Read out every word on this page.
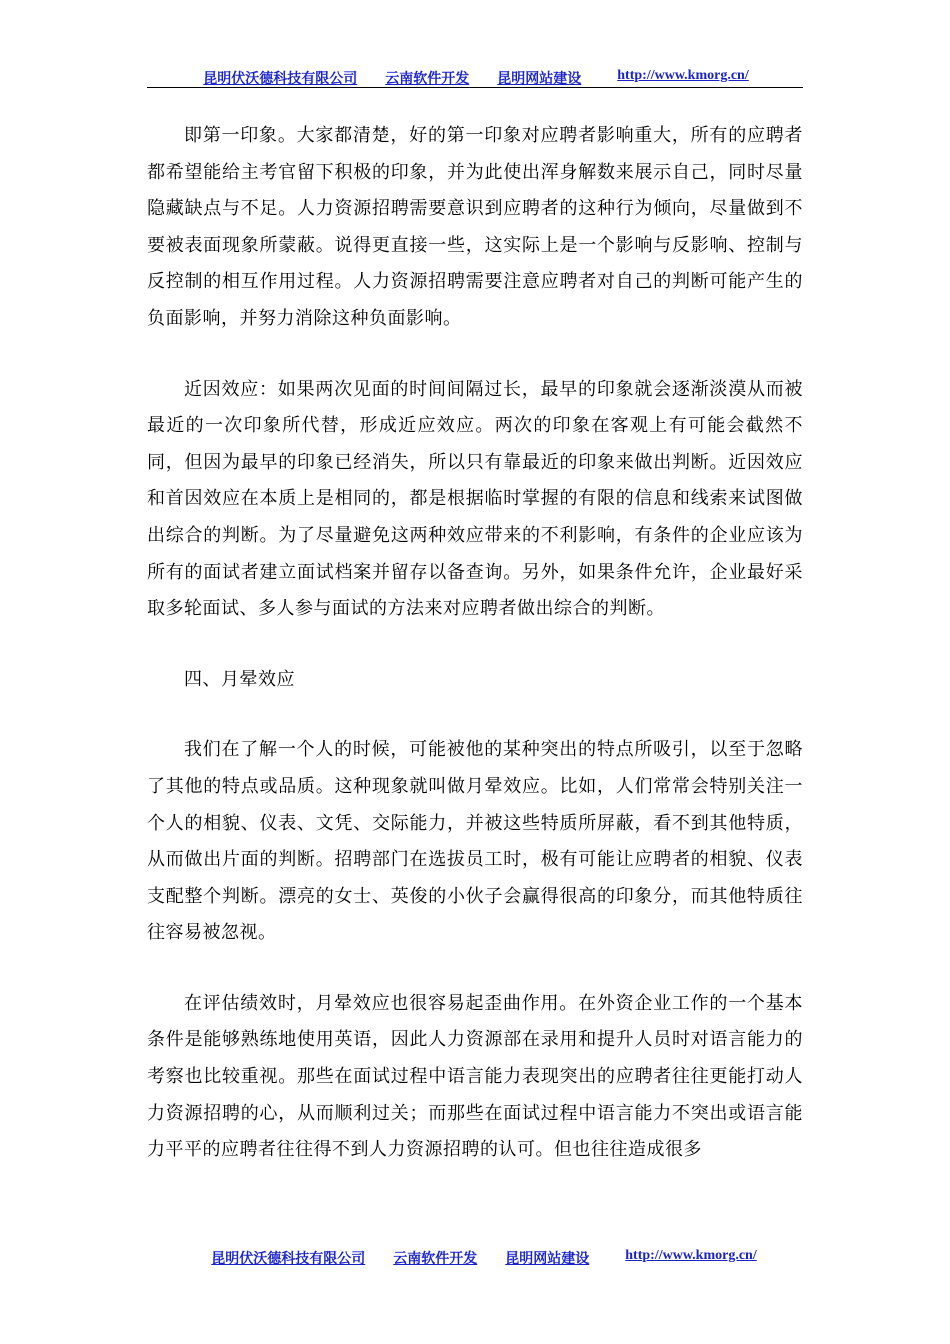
昆明伏沃德科技有限公司 云南软件开发 昆明网站建设	http://www.kmorg.cn/

即第一印象。大家都清楚，好的第一印象对应聘者影响重大，所有的应聘者都希望能给主考官留下积极的印象，并为此使出浑身解数来展示自己，同时尽量隐藏缺点与不足。人力资源招聘需要意识到应聘者的这种行为倾向，尽量做到不要被表面现象所蒙蔽。说得更直接一些，这实际上是一个影响与反影响、控制与反控制的相互作用过程。人力资源招聘需要注意应聘者对自己的判断可能产生的负面影响，并努力消除这种负面影响。

近因效应：如果两次见面的时间间隔过长，最早的印象就会逐渐淡漠从而被最近的一次印象所代替，形成近应效应。两次的印象在客观上有可能会截然不同，但因为最早的印象已经消失，所以只有靠最近的印象来做出判断。近因效应和首因效应在本质上是相同的，都是根据临时掌握的有限的信息和线索来试图做出综合的判断。为了尽量避免这两种效应带来的不利影响，有条件的企业应该为所有的面试者建立面试档案并留存以备查询。另外，如果条件允许，企业最好采取多轮面试、多人参与面试的方法来对应聘者做出综合的判断。

四、月晕效应

我们在了解一个人的时候，可能被他的某种突出的特点所吸引，以至于忽略了其他的特点或品质。这种现象就叫做月晕效应。比如，人们常常会特别关注一个人的相貌、仪表、文凭、交际能力，并被这些特质所屏蔽，看不到其他特质，从而做出片面的判断。招聘部门在选拔员工时，极有可能让应聘者的相貌、仪表支配整个判断。漂亮的女士、英俊的小伙子会赢得很高的印象分，而其他特质往往容易被忽视。

在评估绩效时，月晕效应也很容易起歪曲作用。在外资企业工作的一个基本条件是能够熟练地使用英语，因此人力资源部在录用和提升人员时对语言能力的考察也比较重视。那些在面试过程中语言能力表现突出的应聘者往往更能打动人力资源招聘的心，从而顺利过关；而那些在面试过程中语言能力不突出或语言能力平平的应聘者往往得不到人力资源招聘的认可。但也往往造成很多

昆明伏沃德科技有限公司 云南软件开发 昆明网站建设	http://www.kmorg.cn/
